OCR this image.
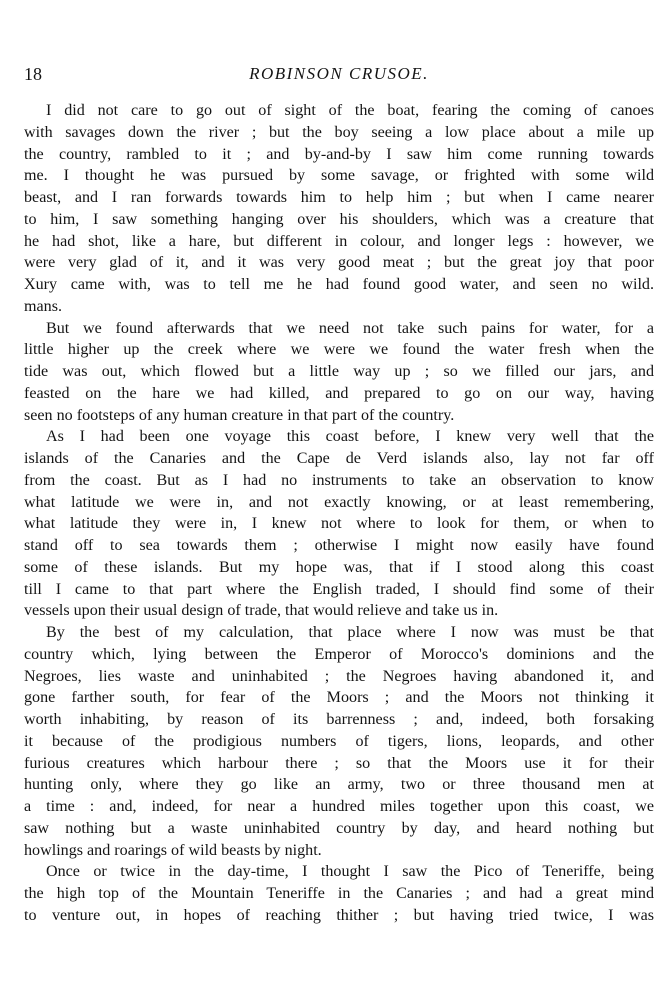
18	ROBINSON CRUSOE.
I did not care to go out of sight of the boat, fearing the coming of canoes
with savages down the river ; but the boy seeing a low place about a mile up
the country, rambled to it ; and by-and-by I saw him come running towards
me. I thought he was pursued by some savage, or frighted with some wild
beast, and I ran forwards towards him to help him ; but when I came nearer
to him, I saw something hanging over his shoulders, which was a creature that
he had shot, like a hare, but different in colour, and longer legs : however, we
were very glad of it, and it was very good meat ; but the great joy that poor
Xury came with, was to tell me he had found good water, and seen no wild.
mans.
But we found afterwards that we need not take such pains for water, for a
little higher up the creek where we were we found the water fresh when the
tide was out, which flowed but a little way up ; so we filled our jars, and
feasted on the hare we had killed, and prepared to go on our way, having
seen no footsteps of any human creature in that part of the country.
As I had been one voyage this coast before, I knew very well that the
islands of the Canaries and the Cape de Verd islands also, lay not far off
from the coast. But as I had no instruments to take an observation to know
what latitude we were in, and not exactly knowing, or at least remembering,
what latitude they were in, I knew not where to look for them, or when to
stand off to sea towards them ; otherwise I might now easily have found
some of these islands. But my hope was, that if I stood along this coast
till I came to that part where the English traded, I should find some of their
vessels upon their usual design of trade, that would relieve and take us in.
By the best of my calculation, that place where I now was must be that
country which, lying between the Emperor of Morocco's dominions and the
Negroes, lies waste and uninhabited ; the Negroes having abandoned it, and
gone farther south, for fear of the Moors ; and the Moors not thinking it
worth inhabiting, by reason of its barrenness ; and, indeed, both forsaking
it because of the prodigious numbers of tigers, lions, leopards, and other
furious creatures which harbour there ; so that the Moors use it for their
hunting only, where they go like an army, two or three thousand men at
a time : and, indeed, for near a hundred miles together upon this coast, we
saw nothing but a waste uninhabited country by day, and heard nothing but
howlings and roarings of wild beasts by night.
Once or twice in the day-time, I thought I saw the Pico of Teneriffe, being
the high top of the Mountain Teneriffe in the Canaries ; and had a great mind
to venture out, in hopes of reaching thither ; but having tried twice, I was
